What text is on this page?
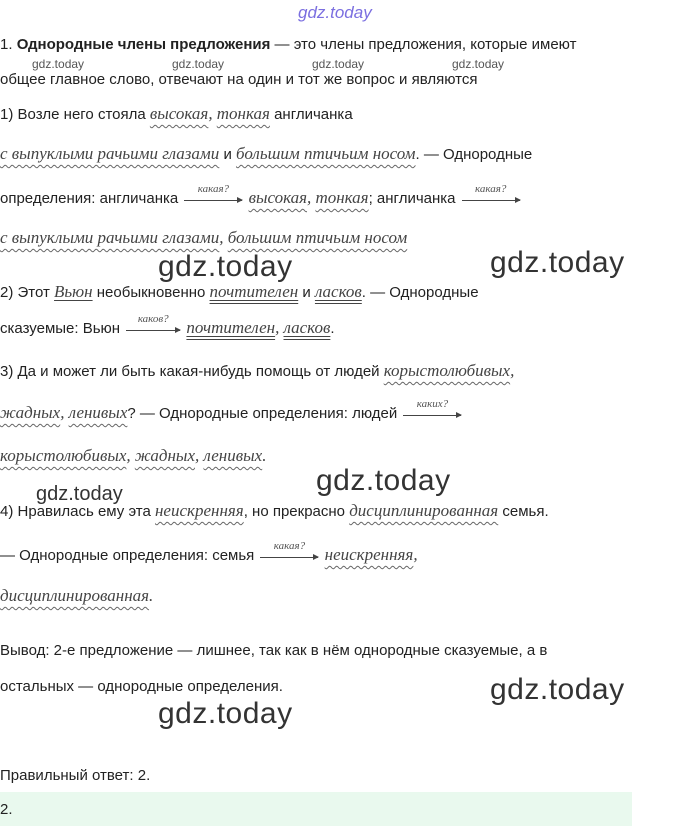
gdz.today
1. Однородные члены предложения — это члены предложения, которые имеют
gdz.today	gdz.today	gdz.today	gdz.today
общее главное слово, отвечают на один и тот же вопрос и являются
1) Возле него стояла высокая, тонкая англичанка
с выпуклыми рачьими глазами и большим птичьим носом. — Однородные
определения: англичанка
какая?	высокая, тонкая; англичанка
какая?
с выпуклыми рачьими глазами, большим птичьим носом
gdz.today	gdz.today
2) Этот Вьюн необыкновенно почтителен и ласков. — Однородные
сказуемые: Вьюн
каков?	почтителен, ласков.
3) Да и может ли быть какая-нибудь помощь от людей корыстолюбивых,
жадных, ленивых? — Однородные определения: людей
каких?
корыстолюбивых, жадных, ленивых.
gdz.today
gdz.today
4) Нравилась ему эта неискренняя, но прекрасно дисциплинированная семья.
— Однородные определения: семья
какая?	неискренняя,
дисциплинированная.
Вывод: 2-е предложение — лишнее, так как в нём однородные сказуемые, а в
остальных — однородные определения.	gdz.today
gdz.today
Правильный ответ: 2.
2.
